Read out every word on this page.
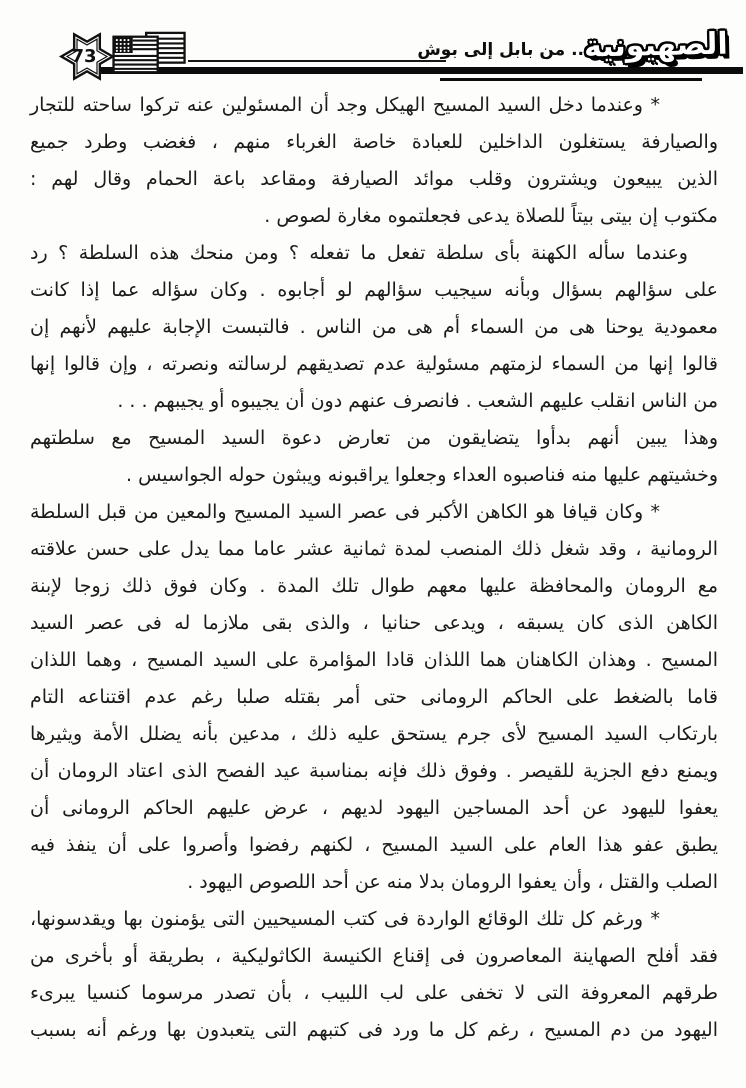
73	.. من بابل إلى بوش الصهيونية
* وعندما دخل السيد المسيح الهيكل وجد أن المسئولين عنه تركوا ساحته للتجار
والصيارفة يستغلون الداخلين للعبادة خاصة الغرباء منهم ، فغضب وطرد جميع
الذين يبيعون ويشترون وقلب موائد الصيارفة ومقاعد باعة الحمام وقال لهم :
مكتوب إن بيتى بيتاً للصلاة يدعى فجعلتموه مغارة لصوص .
وعندما سأله الكهنة بأى سلطة تفعل ما تفعله ؟ ومن منحك هذه السلطة ؟ رد
على سؤالهم بسؤال وبأنه سيجيب سؤالهم لو أجابوه . وكان سؤاله عما إذا كانت
معمودية يوحنا هى من السماء أم هى من الناس . فالتبست الإجابة عليهم لأنهم إن
قالوا إنها من السماء لزمتهم مسئولية عدم تصديقهم لرسالته ونصرته ، وإن قالوا إنها
من الناس انقلب عليهم الشعب . فانصرف عنهم دون أن يجيبوه أو يجيبهم . . .
وهذا يبين أنهم بدأوا يتضايقون من تعارض دعوة السيد المسيح مع سلطتهم
وخشيتهم عليها منه فناصبوه العداء وجعلوا يراقبونه ويبثون حوله الجواسيس .
* وكان قيافا هو الكاهن الأكبر فى عصر السيد المسيح والمعين من قبل السلطة
الرومانية ، وقد شغل ذلك المنصب لمدة ثمانية عشر عاما مما يدل على حسن علاقته
مع الرومان والمحافظة عليها معهم طوال تلك المدة . وكان فوق ذلك زوجا لإبنة
الكاهن الذى كان يسبقه ، ويدعى حنانيا ، والذى بقى ملازما له فى عصر السيد
المسيح . وهذان الكاهنان هما اللذان قادا المؤامرة على السيد المسيح ، وهما اللذان
قاما بالضغط على الحاكم الرومانى حتى أمر بقتله صلبا رغم عدم اقتناعه التام
بارتكاب السيد المسيح لأى جرم يستحق عليه ذلك ، مدعين بأنه يضلل الأمة ويثيرها
ويمنع دفع الجزية للقيصر . وفوق ذلك فإنه بمناسبة عيد الفصح الذى اعتاد الرومان أن
يعفوا لليهود عن أحد المساجين اليهود لديهم ، عرض عليهم الحاكم الرومانى أن
يطبق عفو هذا العام على السيد المسيح ، لكنهم رفضوا وأصروا على أن ينفذ فيه
الصلب والقتل ، وأن يعفوا الرومان بدلا منه عن أحد اللصوص اليهود .
* ورغم كل تلك الوقائع الواردة فى كتب المسيحيين التى يؤمنون بها ويقدسونها،
فقد أفلح الصهاينة المعاصرون فى إقناع الكنيسة الكاثوليكية ، بطريقة أو بأخرى من
طرقهم المعروفة التى لا تخفى على لب اللبيب ، بأن تصدر مرسوما كنسيا يبرىء
اليهود من دم المسيح ، رغم كل ما ورد فى كتبهم التى يتعبدون بها ورغم أنه بسبب
